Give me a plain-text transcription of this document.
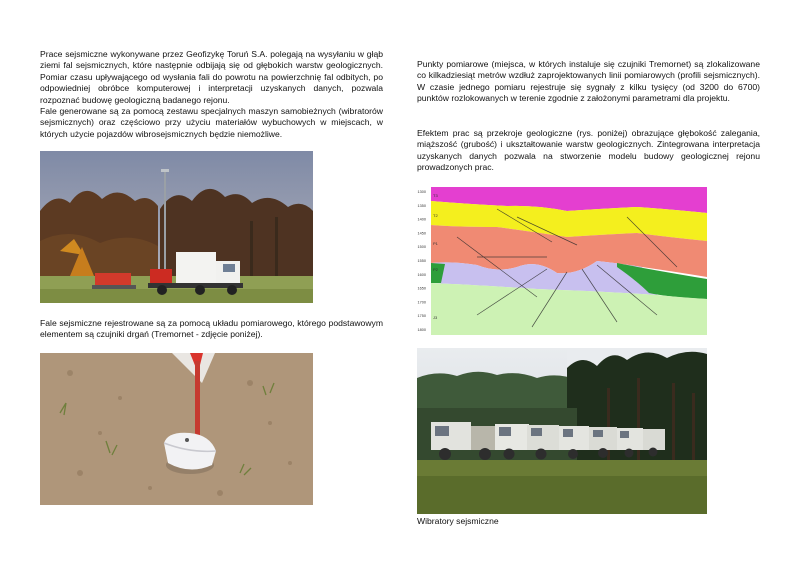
Prace sejsmiczne wykonywane przez Geofizykę Toruń S.A. polegają na wysyłaniu w głąb ziemi fal sejsmicznych, które następnie odbijają się od głębokich warstw geologicznych. Pomiar czasu upływającego od wysłania fali do powrotu na powierzchnię fal odbitych, po odpowiedniej obróbce komputerowej i interpretacji uzyskanych danych, pozwala rozpoznać budowę geologiczną badanego rejonu.
Fale generowane są za pomocą zestawu specjalnych maszyn samobieżnych (wibratorów sejsmicznych) oraz częściowo przy użyciu materiałów wybuchowych w miejscach, w których użycie pojazdów wibrosejsmicznych będzie niemożliwe.

Fale sejsmiczne rejestrowane są za pomocą układu pomiarowego, którego podstawowym elementem są czujniki drgań (Tremornet - zdjęcie poniżej).

Punkty pomiarowe (miejsca, w których instaluje się czujniki Tremornet) są zlokalizowane co kilkadziesiąt metrów wzdłuż zaprojektowanych linii pomiarowych (profili sejsmicznych). W czasie jednego pomiaru rejestruje się sygnały z kilku tysięcy (od 3200 do 6700) punktów rozlokowanych w terenie zgodnie z założonymi parametrami dla projektu.

Efektem prac są przekroje geologiczne (rys. poniżej) obrazujące głębokość zalegania, miąższość (grubość) i ukształtowanie warstw geologicznych. Zintegrowana interpretacja uzyskanych danych pozwala na stworzenie modelu budowy geologicznej rejonu prowadzonych prac.

1300
1350
1400
1450
1500
1550
1600
1650
1700
1750
1800
T3
T2
P1
P2
J3
Wibratory sejsmiczne
